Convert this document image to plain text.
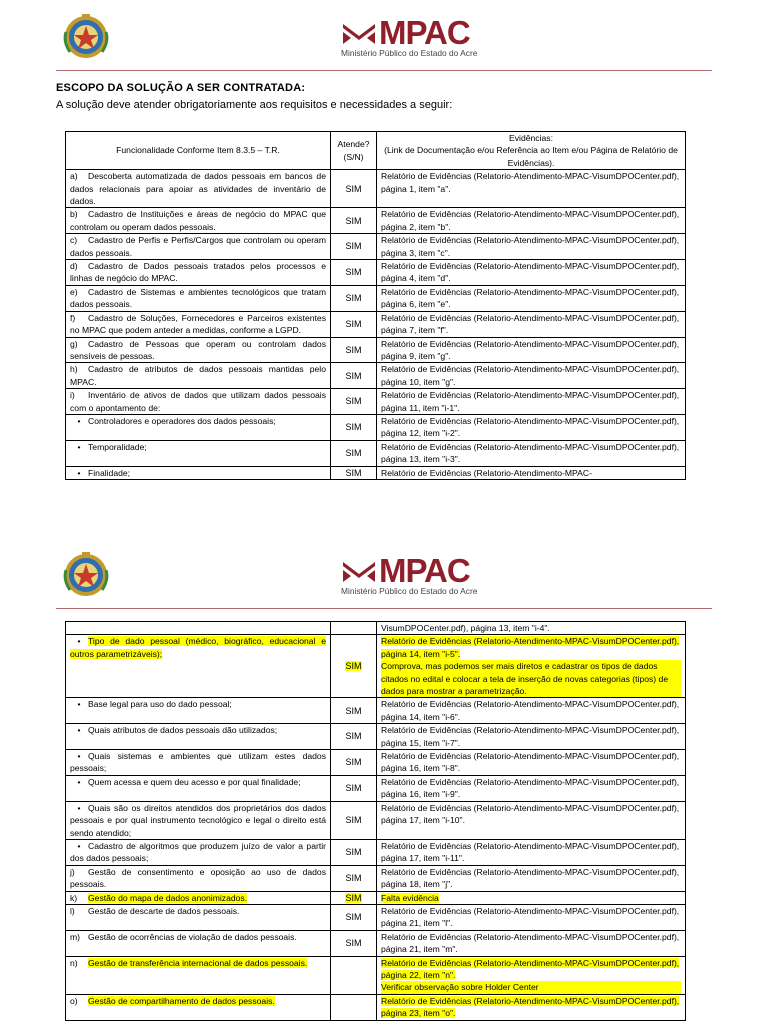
MPAC
Ministério Público do Estado do Acre
ESCOPO DA SOLUÇÃO A SER CONTRATADA:
A solução deve atender obrigatoriamente aos requisitos e necessidades a seguir:
Funcionalidade Conforme Item 8.3.5 – T.R.	Atende? (S/N)	Evidências:
(Link de Documentação e/ou Referência ao Item e/ou Página de Relatório de Evidências).

a) Descoberta automatizada de dados pessoais em bancos de dados relacionais para apoiar as atividades de inventário de dados.	SIM	Relatório de Evidências (Relatorio-Atendimento-MPAC-VisumDPOCenter.pdf), página 1, item "a".
b) Cadastro de Instituições e áreas de negócio do MPAC que controlam ou operam dados pessoais.	SIM	Relatório de Evidências (Relatorio-Atendimento-MPAC-VisumDPOCenter.pdf), página 2, item "b".
c) Cadastro de Perfis e Perfis/Cargos que controlam ou operam dados pessoais.	SIM	Relatório de Evidências (Relatorio-Atendimento-MPAC-VisumDPOCenter.pdf), página 3, item "c".
d) Cadastro de Dados pessoais tratados pelos processos e linhas de negócio do MPAC.	SIM	Relatório de Evidências (Relatorio-Atendimento-MPAC-VisumDPOCenter.pdf), página 4, item "d".
e) Cadastro de Sistemas e ambientes tecnológicos que tratam dados pessoais.	SIM	Relatório de Evidências (Relatorio-Atendimento-MPAC-VisumDPOCenter.pdf), página 6, item "e".
f) Cadastro de Soluções, Fornecedores e Parceiros existentes no MPAC que podem anteder a medidas, conforme a LGPD.	SIM	Relatório de Evidências (Relatorio-Atendimento-MPAC-VisumDPOCenter.pdf), página 7, item "f".
g) Cadastro de Pessoas que operam ou controlam dados sensíveis de pessoas.	SIM	Relatório de Evidências (Relatorio-Atendimento-MPAC-VisumDPOCenter.pdf), página 9, item "g".
h) Cadastro de atributos de dados pessoais mantidas pelo MPAC.	SIM	Relatório de Evidências (Relatorio-Atendimento-MPAC-VisumDPOCenter.pdf), página 10, item "g".
i) Inventário de ativos de dados que utilizam dados pessoais com o apontamento de:	SIM	Relatório de Evidências (Relatorio-Atendimento-MPAC-VisumDPOCenter.pdf), página 11, item "i-1".
• Controladores e operadores dos dados pessoais;	SIM	Relatório de Evidências (Relatorio-Atendimento-MPAC-VisumDPOCenter.pdf), página 12, item "i-2".
• Temporalidade;	SIM	Relatório de Evidências (Relatorio-Atendimento-MPAC-VisumDPOCenter.pdf), página 13, item "i-3".
• Finalidade;	SIM	Relatório de Evidências (Relatorio-Atendimento-MPAC-
MPAC
Ministério Público do Estado do Acre
		VisumDPOCenter.pdf), página 13, item "i-4".
• Tipo de dado pessoal (médico, biográfico, educacional e outros parametrizáveis);	SIM	Relatório de Evidências (Relatorio-Atendimento-MPAC-VisumDPOCenter.pdf), página 14, item "i-5".
Comprova, mas podemos ser mais diretos e cadastrar os tipos de dados citados no edital e colocar a tela de inserção de novas categorias (tipos) de dados para mostrar a parametrização.

• Base legal para uso do dado pessoal;	SIM	Relatório de Evidências (Relatorio-Atendimento-MPAC-VisumDPOCenter.pdf), página 14, item "i-6".
• Quais atributos de dados pessoais dão utilizados;	SIM	Relatório de Evidências (Relatorio-Atendimento-MPAC-VisumDPOCenter.pdf), página 15, item "i-7".
• Quais sistemas e ambientes que utilizam estes dados pessoais;	SIM	Relatório de Evidências (Relatorio-Atendimento-MPAC-VisumDPOCenter.pdf), página 16, item "i-8".
• Quem acessa e quem deu acesso e por qual finalidade;	SIM	Relatório de Evidências (Relatorio-Atendimento-MPAC-VisumDPOCenter.pdf), página 16, item "i-9".
• Quais são os direitos atendidos dos proprietários dos dados pessoais e por qual instrumento tecnológico e legal o direito está sendo atendido;	SIM	Relatório de Evidências (Relatorio-Atendimento-MPAC-VisumDPOCenter.pdf), página 17, item "i-10".
• Cadastro de algoritmos que produzem juízo de valor a partir dos dados pessoais;	SIM	Relatório de Evidências (Relatorio-Atendimento-MPAC-VisumDPOCenter.pdf), página 17, item "i-11".
j) Gestão de consentimento e oposição ao uso de dados pessoais.	SIM	Relatório de Evidências (Relatorio-Atendimento-MPAC-VisumDPOCenter.pdf), página 18, item "j".
k) Gestão do mapa de dados anonimizados.	SIM	Falta evidência
l) Gestão de descarte de dados pessoais.	SIM	Relatório de Evidências (Relatorio-Atendimento-MPAC-VisumDPOCenter.pdf), página 21, item "l".
m) Gestão de ocorrências de violação de dados pessoais.	SIM	Relatório de Evidências (Relatorio-Atendimento-MPAC-VisumDPOCenter.pdf), página 21, item "m".
n) Gestão de transferência internacional de dados pessoais.		Relatório de Evidências (Relatorio-Atendimento-MPAC-VisumDPOCenter.pdf), página 22, item "n".
Verificar observação sobre Holder Center

o) Gestão de compartilhamento de dados pessoais.		Relatório de Evidências (Relatorio-Atendimento-MPAC-VisumDPOCenter.pdf), página 23, item "o".
